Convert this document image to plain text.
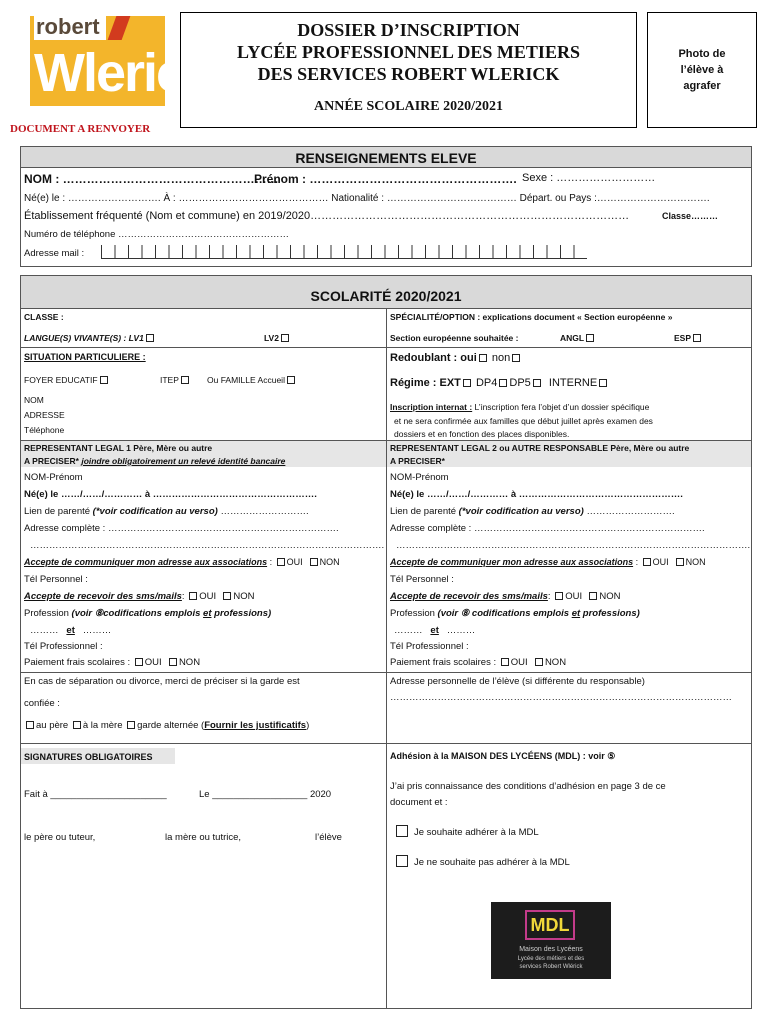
robert
Wlerick
DOSSIER D’INSCRIPTION
LYCÉE PROFESSIONNEL DES METIERS
DES SERVICES ROBERT WLERICK
ANNÉE SCOLAIRE 2020/2021
Photo de
l’élève à
agrafer
DOCUMENT A RENVOYER
RENSEIGNEMENTS ELEVE
NOM : ………………………………………………
Prénom : ……………………………………………. Sexe : ………………………
Né(e) le : ………………………. À : ……………………………………… Nationalité : ………………………………… Départ. ou Pays :…………………………….
Établissement fréquenté (Nom et commune) en 2019/2020……………………………………………………………………………	Classe………
Numéro de téléphone ………………………………………………
Adresse mail :
SCOLARITÉ 2020/2021
CLASSE :	SPÉCIALITÉ/OPTION : explications document « Section européenne »
LANGUE(S) VIVANTE(S) : LV1	LV2	Section européenne souhaitée :	ANGL	ESP
SITUATION PARTICULIERE :
FOYER EDUCATIF	ITEP	Ou FAMILLE Accueil
NOM
ADRESSE
Téléphone
Redoublant : oui non
Régime : EXT DP4 DP5 INTERNE
Inscription internat : L’inscription fera l’objet d’un dossier spécifique
et ne sera confirmée aux familles que début juillet après examen des
dossiers et en fonction des places disponibles.
REPRESENTANT LEGAL 1 Père, Mère ou autre
A PRECISER* joindre obligatoirement un relevé identité bancaire
NOM-Prénom
Né(e) le ……/……/………… à …………………………………………….
Lien de parenté (*voir codification au verso) ……………………….
Adresse complète : ……………………………………………………………….
………………………………………………………………………………………………….
Accepte de communiquer mon adresse aux associations : OUI NON
Tél Personnel :
Accepte de recevoir des sms/mails: OUI NON
Profession (voir ⑧codifications emplois et professions)
……… et ………
Tél Professionnel :
Paiement frais scolaires : OUI NON
En cas de séparation ou divorce, merci de préciser si la garde est
confiée :
au père à la mère garde alternée (Fournir les justificatifs)
REPRESENTANT LEGAL 2 ou AUTRE RESPONSABLE Père, Mère ou autre
A PRECISER*
NOM-Prénom
Né(e) le ……/……/………… à …………………………………………….
Lien de parenté (*voir codification au verso) ……………………….
Adresse complète : ……………………………………………………………….
………………………………………………………………………………………………….
Accepte de communiquer mon adresse aux associations : OUI NON
Tél Personnel :
Accepte de recevoir des sms/mails: OUI NON
Profession (voir ⑧ codifications emplois et professions)
……… et ………
Tél Professionnel :
Paiement frais scolaires : OUI NON
Adresse personnelle de l’élève (si différente du responsable)
………………………………………………………………………………………………
SIGNATURES OBLIGATOIRES
Fait à ______________________	Le __________________ 2020
le père ou tuteur,	la mère ou tutrice,	l’élève
Adhésion à la MAISON DES LYCÉENS (MDL) : voir ⑤
J’ai pris connaissance des conditions d’adhésion en page 3 de ce
document et :
Je souhaite adhérer à la MDL
Je ne souhaite pas adhérer à la MDL
MDL
Maison des Lycéens
Lycée des métiers et des
services Robert Wlérick
